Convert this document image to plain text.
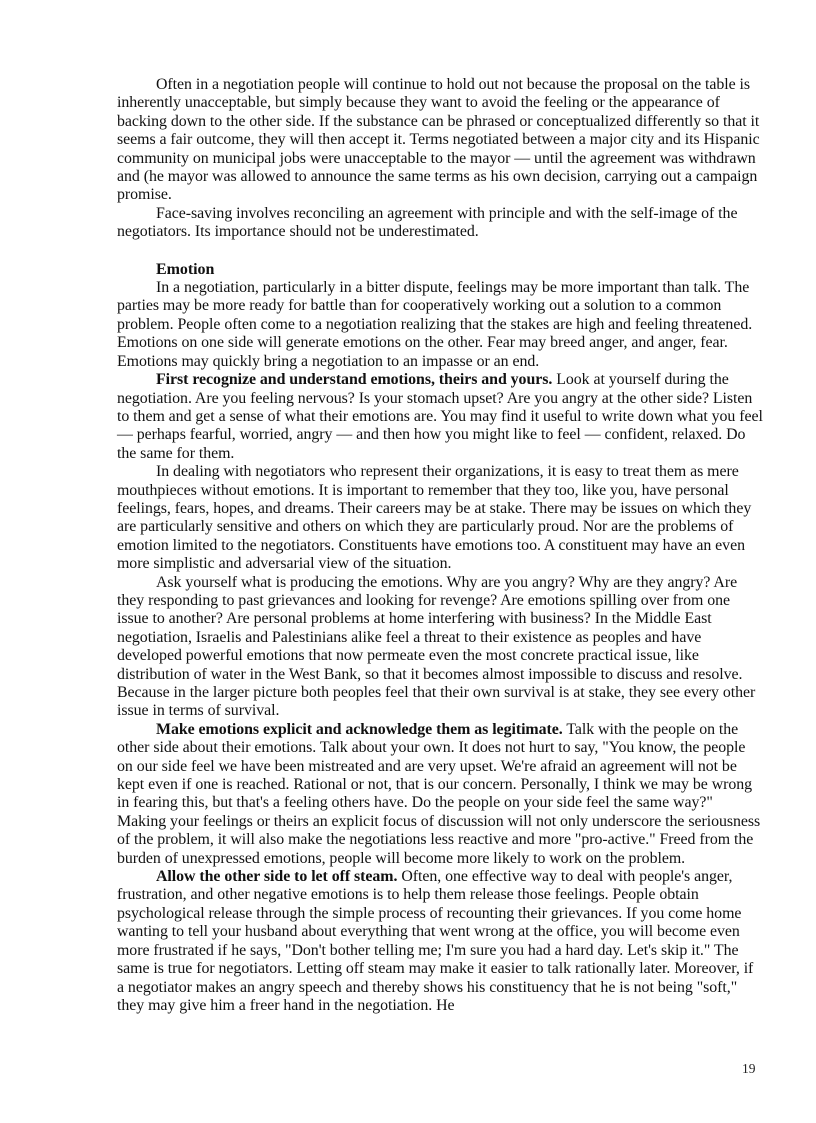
Often in a negotiation people will continue to hold out not because the proposal on the table is inherently unacceptable, but simply because they want to avoid the feeling or the appearance of backing down to the other side. If the substance can be phrased or conceptualized differently so that it seems a fair outcome, they will then accept it. Terms negotiated between a major city and its Hispanic community on municipal jobs were unacceptable to the mayor — until the agreement was withdrawn and (he mayor was allowed to announce the same terms as his own decision, carrying out a campaign promise.

Face-saving involves reconciling an agreement with principle and with the self-image of the negotiators. Its importance should not be underestimated.

Emotion

In a negotiation, particularly in a bitter dispute, feelings may be more important than talk. The parties may be more ready for battle than for cooperatively working out a solution to a common problem. People often come to a negotiation realizing that the stakes are high and feeling threatened. Emotions on one side will generate emotions on the other. Fear may breed anger, and anger, fear. Emotions may quickly bring a negotiation to an impasse or an end.

First recognize and understand emotions, theirs and yours. Look at yourself during the negotiation. Are you feeling nervous? Is your stomach upset? Are you angry at the other side? Listen to them and get a sense of what their emotions are. You may find it useful to write down what you feel — perhaps fearful, worried, angry — and then how you might like to feel — confident, relaxed. Do the same for them.

In dealing with negotiators who represent their organizations, it is easy to treat them as mere mouthpieces without emotions. It is important to remember that they too, like you, have personal feelings, fears, hopes, and dreams. Their careers may be at stake. There may be issues on which they are particularly sensitive and others on which they are particularly proud. Nor are the problems of emotion limited to the negotiators. Constituents have emotions too. A constituent may have an even more simplistic and adversarial view of the situation.

Ask yourself what is producing the emotions. Why are you angry? Why are they angry? Are they responding to past grievances and looking for revenge? Are emotions spilling over from one issue to another? Are personal problems at home interfering with business? In the Middle East negotiation, Israelis and Palestinians alike feel a threat to their existence as peoples and have developed powerful emotions that now permeate even the most concrete practical issue, like distribution of water in the West Bank, so that it becomes almost impossible to discuss and resolve. Because in the larger picture both peoples feel that their own survival is at stake, they see every other issue in terms of survival.

Make emotions explicit and acknowledge them as legitimate. Talk with the people on the other side about their emotions. Talk about your own. It does not hurt to say, "You know, the people on our side feel we have been mistreated and are very upset. We're afraid an agreement will not be kept even if one is reached. Rational or not, that is our concern. Personally, I think we may be wrong in fearing this, but that's a feeling others have. Do the people on your side feel the same way?" Making your feelings or theirs an explicit focus of discussion will not only underscore the seriousness of the problem, it will also make the negotiations less reactive and more "pro-active." Freed from the burden of unexpressed emotions, people will become more likely to work on the problem.

Allow the other side to let off steam. Often, one effective way to deal with people's anger, frustration, and other negative emotions is to help them release those feelings. People obtain psychological release through the simple process of recounting their grievances. If you come home wanting to tell your husband about everything that went wrong at the office, you will become even more frustrated if he says, "Don't bother telling me; I'm sure you had a hard day. Let's skip it." The same is true for negotiators. Letting off steam may make it easier to talk rationally later. Moreover, if a negotiator makes an angry speech and thereby shows his constituency that he is not being "soft," they may give him a freer hand in the negotiation. He

19
